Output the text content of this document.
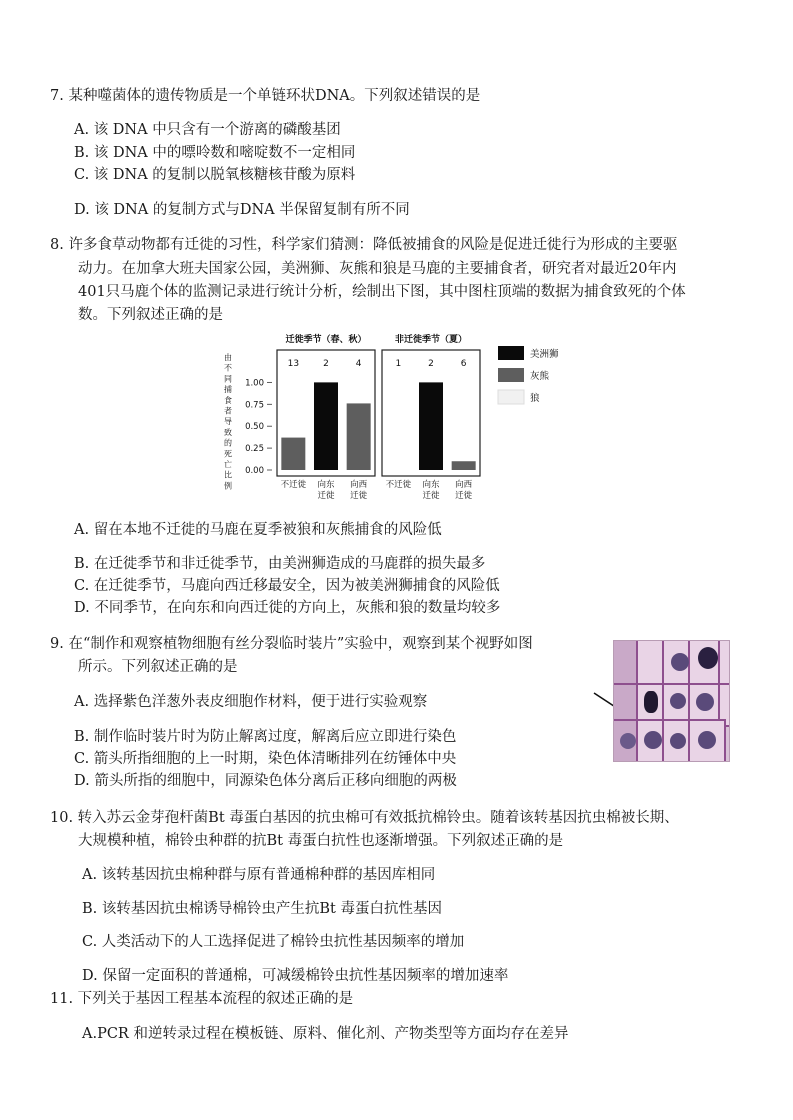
7. 某种噬菌体的遗传物质是一个单链环状DNA。下列叙述错误的是
A. 该 DNA 中只含有一个游离的磷酸基团
B. 该 DNA 中的嘌呤数和嘧啶数不一定相同
C. 该 DNA 的复制以脱氧核糖核苷酸为原料
D. 该 DNA 的复制方式与DNA 半保留复制有所不同
8. 许多食草动物都有迁徙的习性，科学家们猜测：降低被捕食的风险是促进迁徙行为形成的主要驱
动力。在加拿大班夫国家公园，美洲狮、灰熊和狼是马鹿的主要捕食者，研究者对最近20年内
401只马鹿个体的监测记录进行统计分析，绘制出下图，其中图柱顶端的数据为捕食致死的个体
数。下列叙述正确的是
由
不
同
捕
食
者
导
致
的
死
亡
比
例
1.00
0.75
0.50
0.25
0.00
迁徙季节（春、秋）
13
不迁徙
2
向东
迁徙
4
向西
迁徙
非迁徙季节（夏）
1
不迁徙
2
向东
迁徙
6
向西
迁徙
美洲狮
灰熊
狼
A. 留在本地不迁徙的马鹿在夏季被狼和灰熊捕食的风险低
B. 在迁徙季节和非迁徙季节，由美洲狮造成的马鹿群的损失最多
C. 在迁徙季节，马鹿向西迁移最安全，因为被美洲狮捕食的风险低
D. 不同季节，在向东和向西迁徙的方向上，灰熊和狼的数量均较多
9. 在“制作和观察植物细胞有丝分裂临时装片”实验中，观察到某个视野如图
所示。下列叙述正确的是
A. 选择紫色洋葱外表皮细胞作材料，便于进行实验观察
B. 制作临时装片时为防止解离过度，解离后应立即进行染色
C. 箭头所指细胞的上一时期，染色体清晰排列在纺锤体中央
D. 箭头所指的细胞中，同源染色体分离后正移向细胞的两极
10. 转入苏云金芽孢杆菌Bt 毒蛋白基因的抗虫棉可有效抵抗棉铃虫。随着该转基因抗虫棉被长期、
大规模种植，棉铃虫种群的抗Bt 毒蛋白抗性也逐渐增强。下列叙述正确的是
A. 该转基因抗虫棉种群与原有普通棉种群的基因库相同
B. 该转基因抗虫棉诱导棉铃虫产生抗Bt 毒蛋白抗性基因
C. 人类活动下的人工选择促进了棉铃虫抗性基因频率的增加
D. 保留一定面积的普通棉，可减缓棉铃虫抗性基因频率的增加速率
11. 下列关于基因工程基本流程的叙述正确的是
A.PCR 和逆转录过程在模板链、原料、催化剂、产物类型等方面均存在差异
